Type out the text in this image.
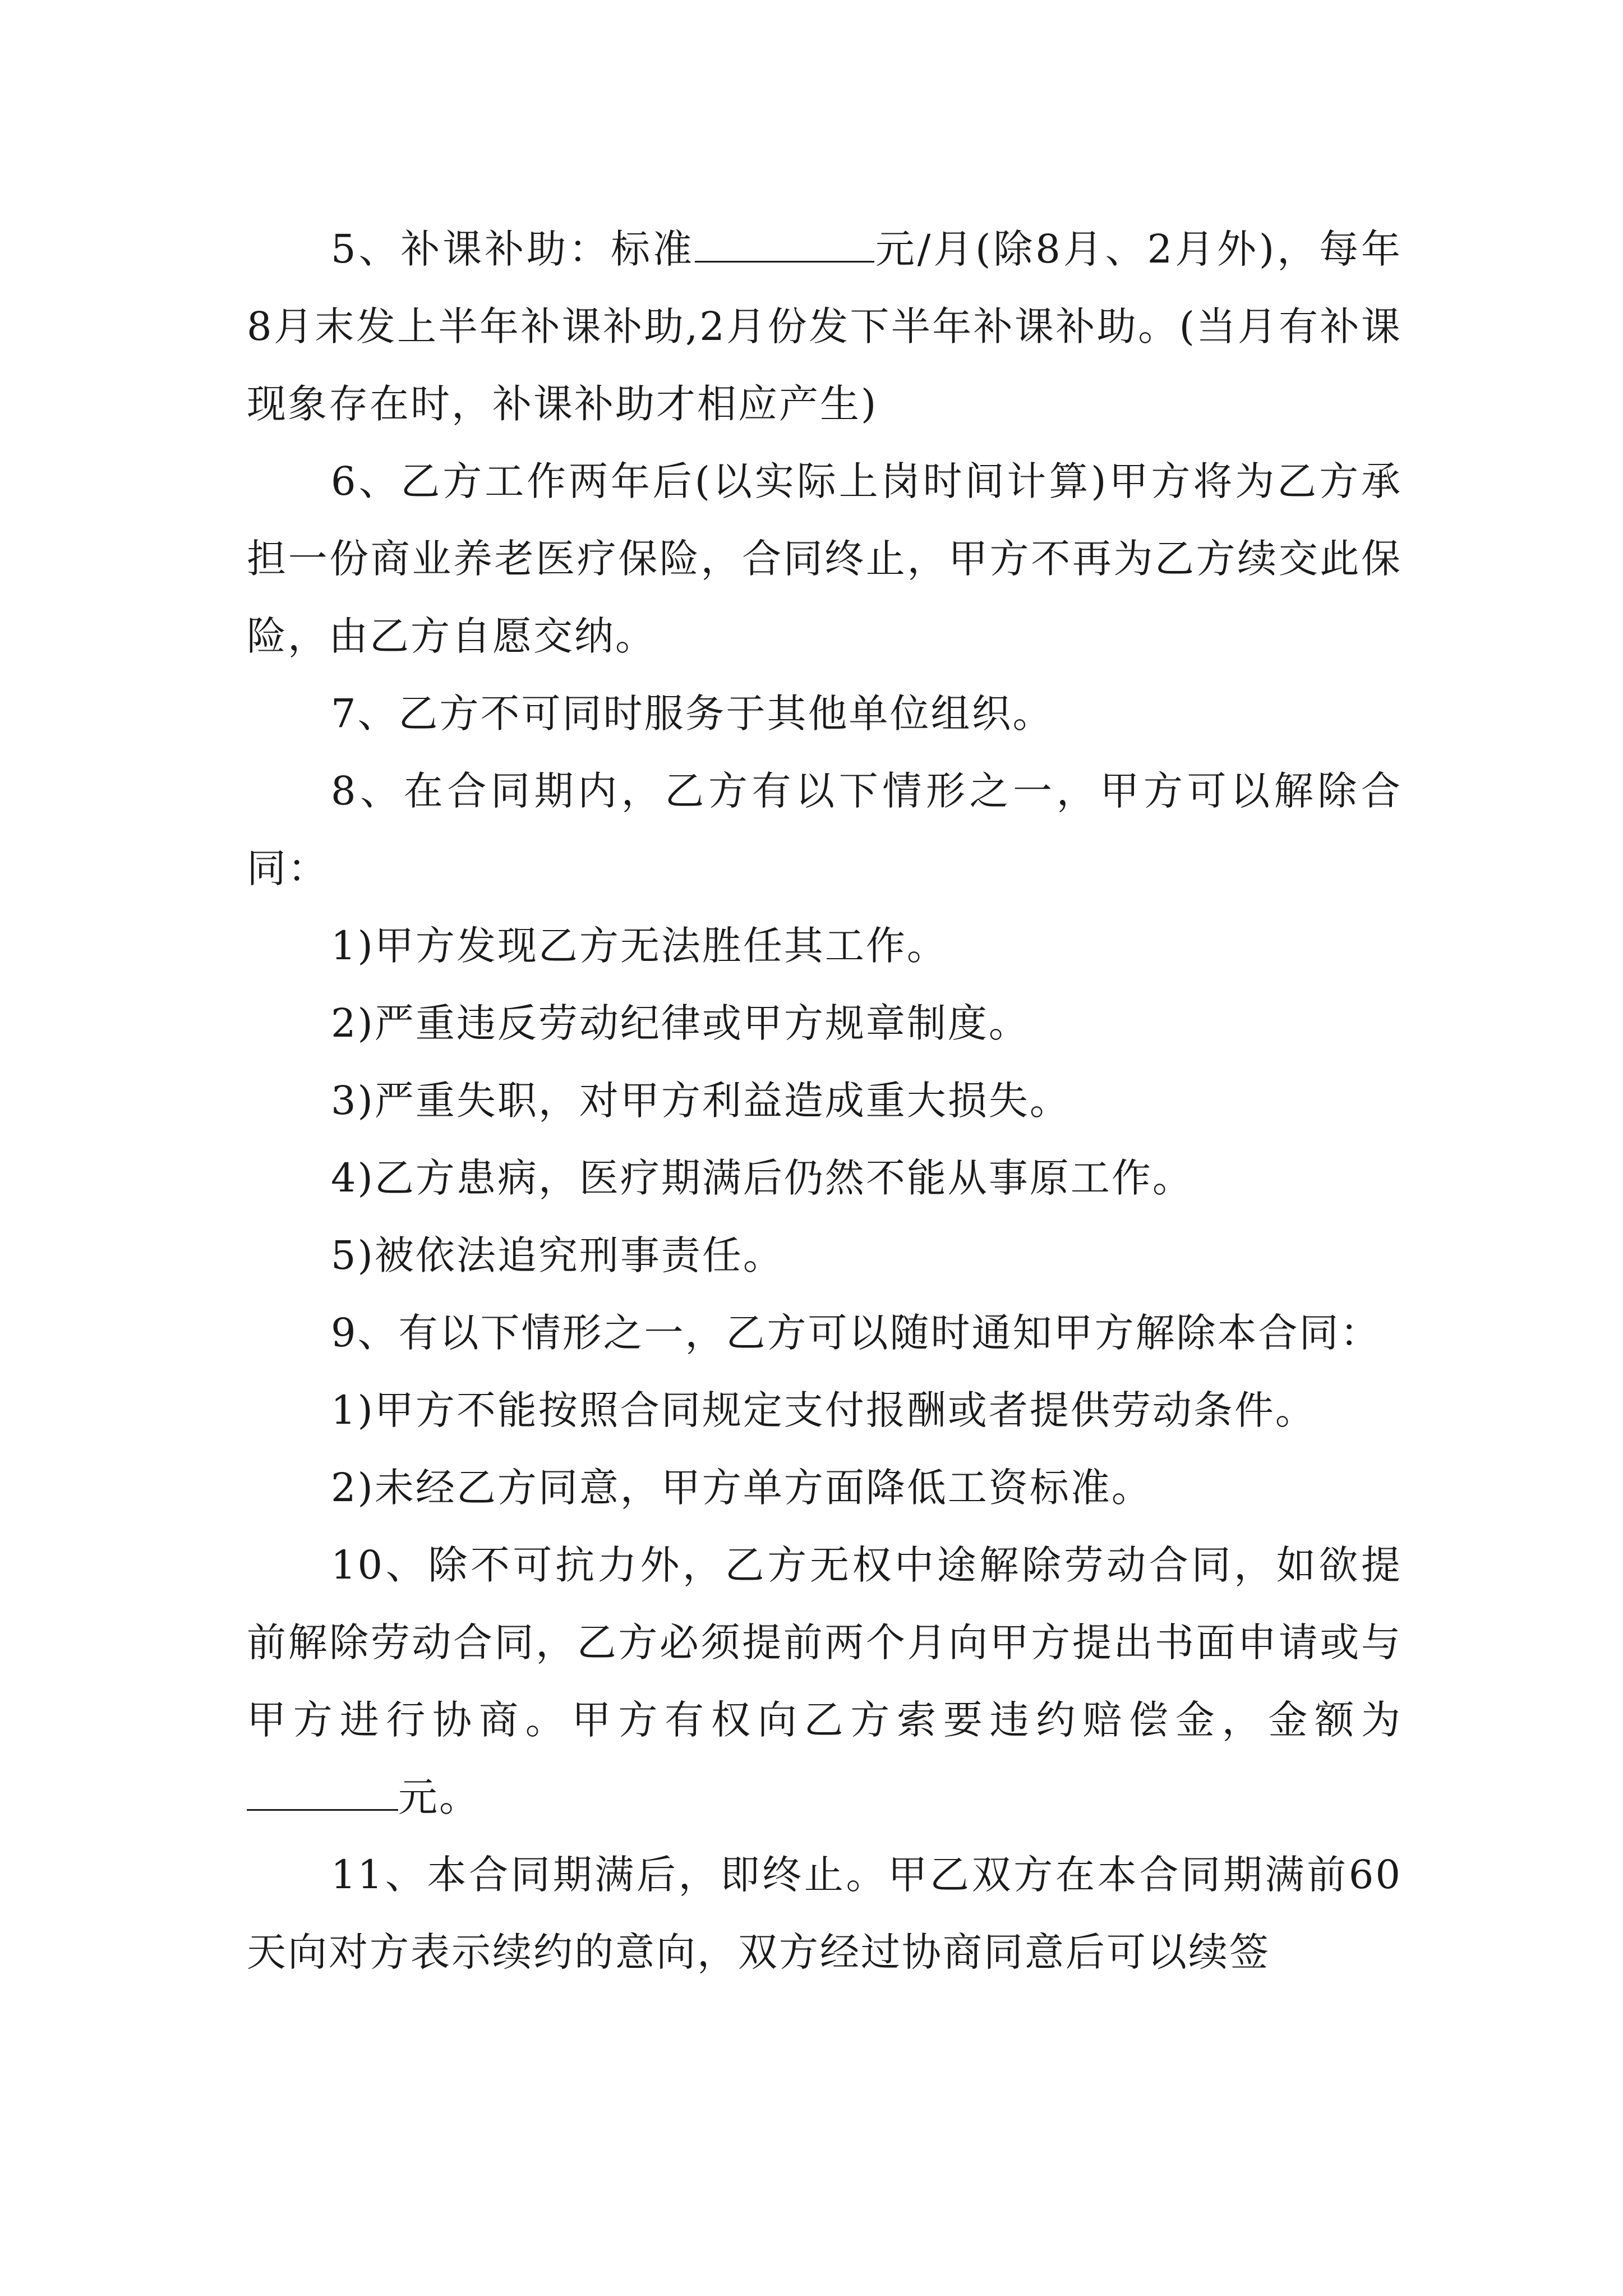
5、补课补助：标准	元/月(除8月、2月外)，每年8月末发上半年补课补助,2月份发下半年补课补助。(当月有补课现象存在时，补课补助才相应产生)

6、乙方工作两年后(以实际上岗时间计算)甲方将为乙方承担一份商业养老医疗保险，合同终止，甲方不再为乙方续交此保险，由乙方自愿交纳。

7、乙方不可同时服务于其他单位组织。

8、在合同期内，乙方有以下情形之一，甲方可以解除合同：

1)甲方发现乙方无法胜任其工作。

2)严重违反劳动纪律或甲方规章制度。

3)严重失职，对甲方利益造成重大损失。

4)乙方患病，医疗期满后仍然不能从事原工作。

5)被依法追究刑事责任。

9、有以下情形之一，乙方可以随时通知甲方解除本合同：

1)甲方不能按照合同规定支付报酬或者提供劳动条件。

2)未经乙方同意，甲方单方面降低工资标准。

10、除不可抗力外，乙方无权中途解除劳动合同，如欲提前解除劳动合同，乙方必须提前两个月向甲方提出书面申请或与甲方进行协商。甲方有权向乙方索要违约赔偿金，金额为元。

11、本合同期满后，即终止。甲乙双方在本合同期满前60天向对方表示续约的意向，双方经过协商同意后可以续签
